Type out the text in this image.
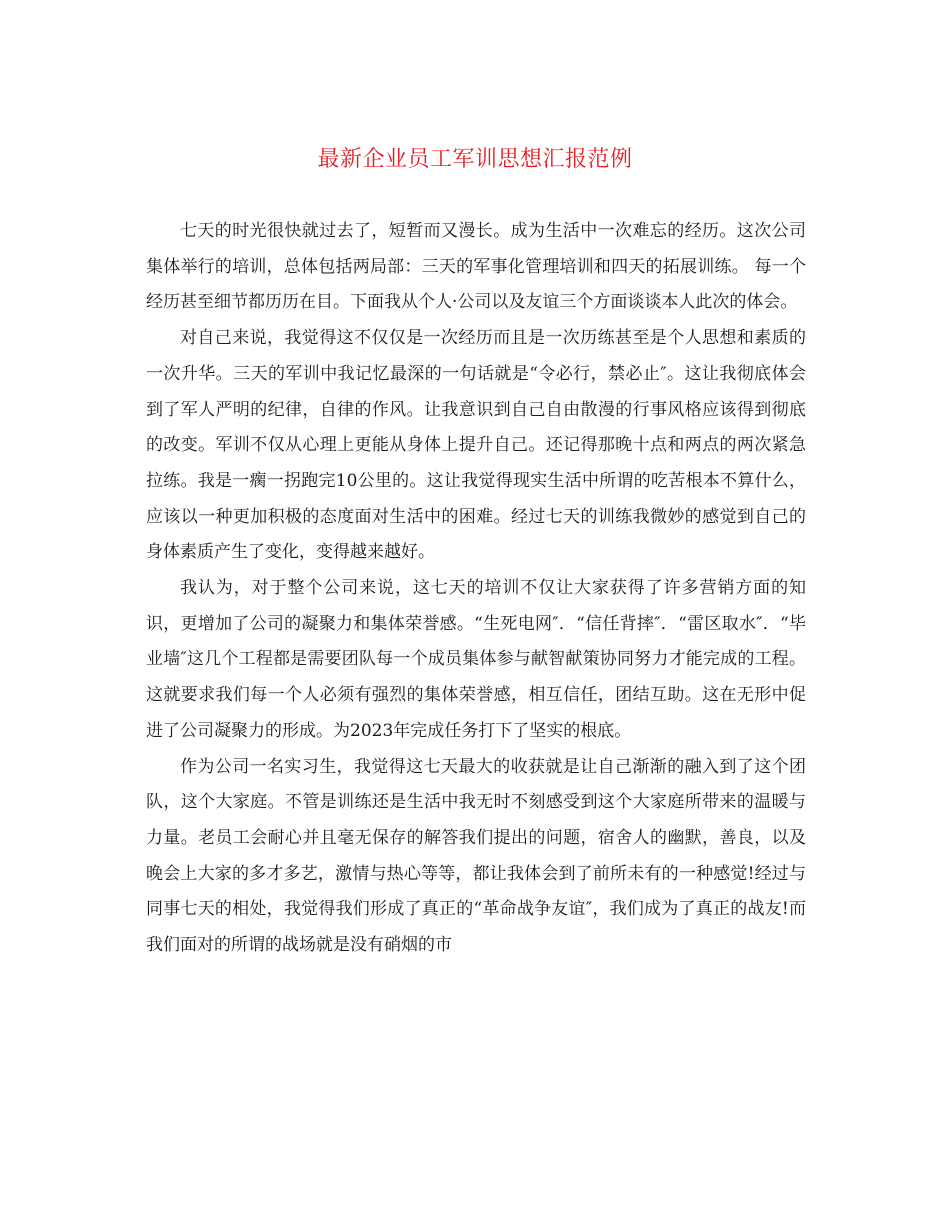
最新企业员工军训思想汇报范例

七天的时光很快就过去了，短暂而又漫长。成为生活中一次难忘的经历。这次公司集体举行的培训，总体包括两局部：三天的军事化管理培训和四天的拓展训练。 每一个经历甚至细节都历历在目。下面我从个人·公司以及友谊三个方面谈谈本人此次的体会。

对自己来说，我觉得这不仅仅是一次经历而且是一次历练甚至是个人思想和素质的一次升华。三天的军训中我记忆最深的一句话就是“令必行，禁必止″。这让我彻底体会到了军人严明的纪律，自律的作风。让我意识到自己自由散漫的行事风格应该得到彻底的改变。军训不仅从心理上更能从身体上提升自己。还记得那晚十点和两点的两次紧急拉练。我是一瘸一拐跑完10公里的。这让我觉得现实生活中所谓的吃苦根本不算什么，应该以一种更加积极的态度面对生活中的困难。经过七天的训练我微妙的感觉到自己的身体素质产生了变化，变得越来越好。

我认为，对于整个公司来说，这七天的培训不仅让大家获得了许多营销方面的知识，更增加了公司的凝聚力和集体荣誉感。“生死电网″．“信任背摔″．“雷区取水″．“毕业墙″这几个工程都是需要团队每一个成员集体参与献智献策协同努力才能完成的工程。这就要求我们每一个人必须有强烈的集体荣誉感，相互信任，团结互助。这在无形中促进了公司凝聚力的形成。为2023年完成任务打下了坚实的根底。

作为公司一名实习生，我觉得这七天最大的收获就是让自己渐渐的融入到了这个团队，这个大家庭。不管是训练还是生活中我无时不刻感受到这个大家庭所带来的温暖与力量。老员工会耐心并且毫无保存的解答我们提出的问题，宿舍人的幽默，善良，以及晚会上大家的多才多艺，激情与热心等等，都让我体会到了前所未有的一种感觉!经过与同事七天的相处，我觉得我们形成了真正的“革命战争友谊″，我们成为了真正的战友!而我们面对的所谓的战场就是没有硝烟的市
